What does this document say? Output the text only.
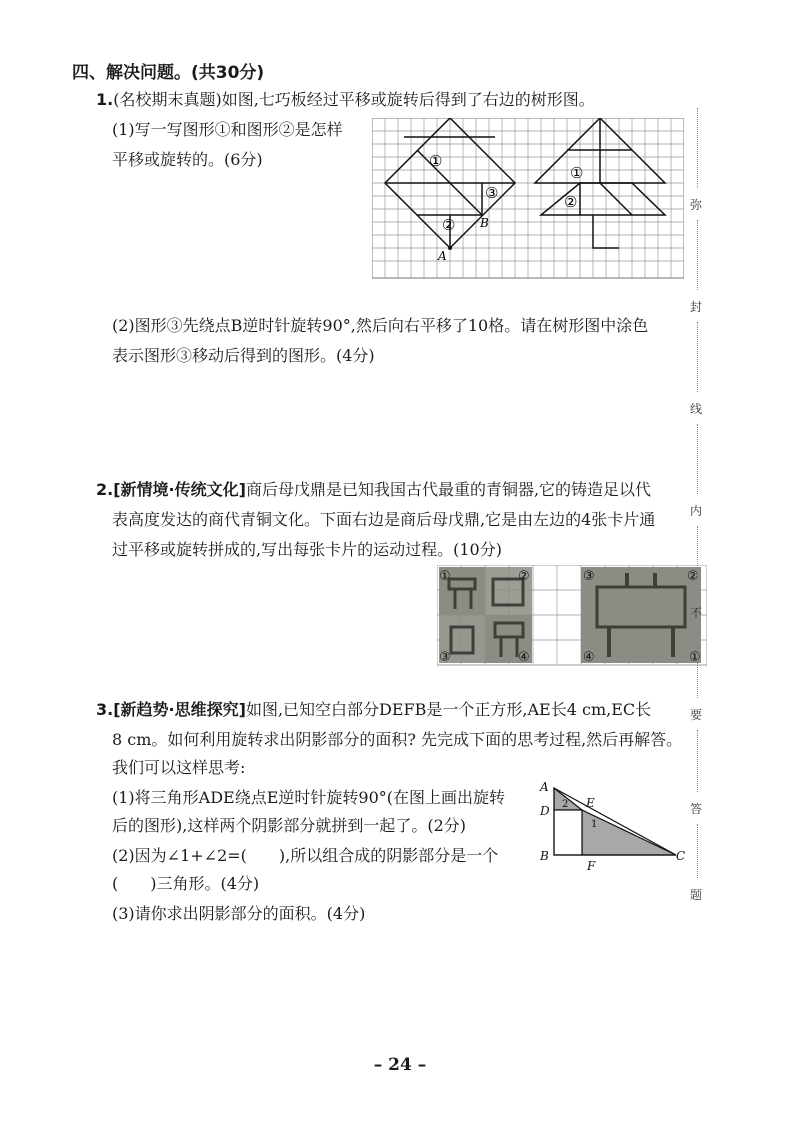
四、解决问题。(共30分)
1.(名校期末真题)如图,七巧板经过平移或旋转后得到了右边的树形图。
(1)写一写图形①和图形②是怎样
平移或旋转的。(6分)	①
②
③
①
②
A
B
(2)图形③先绕点B逆时针旋转90°,然后向右平移了10格。请在树形图中涂色
表示图形③移动后得到的图形。(4分)
2.[新情境·传统文化]商后母戊鼎是已知我国古代最重的青铜器,它的铸造足以代
表高度发达的商代青铜文化。下面右边是商后母戊鼎,它是由左边的4张卡片通
过平移或旋转拼成的,写出每张卡片的运动过程。(10分)
①	②
③	④
③	②
④	①
3.[新趋势·思维探究]如图,已知空白部分DEFB是一个正方形,AE长4 cm,EC长
8 cm。如何利用旋转求出阴影部分的面积? 先完成下面的思考过程,然后再解答。
我们可以这样思考:
(1)将三角形ADE绕点E逆时针旋转90°(在图上画出旋转
后的图形),这样两个阴影部分就拼到一起了。(2分)
(2)因为∠1+∠2=(　　),所以组合成的阴影部分是一个
(　　)三角形。(4分)
(3)请你求出阴影部分的面积。(4分)
A
D
E
B
F
C
1
2
弥
封
线
内
不
要
答
题
– 24 –
